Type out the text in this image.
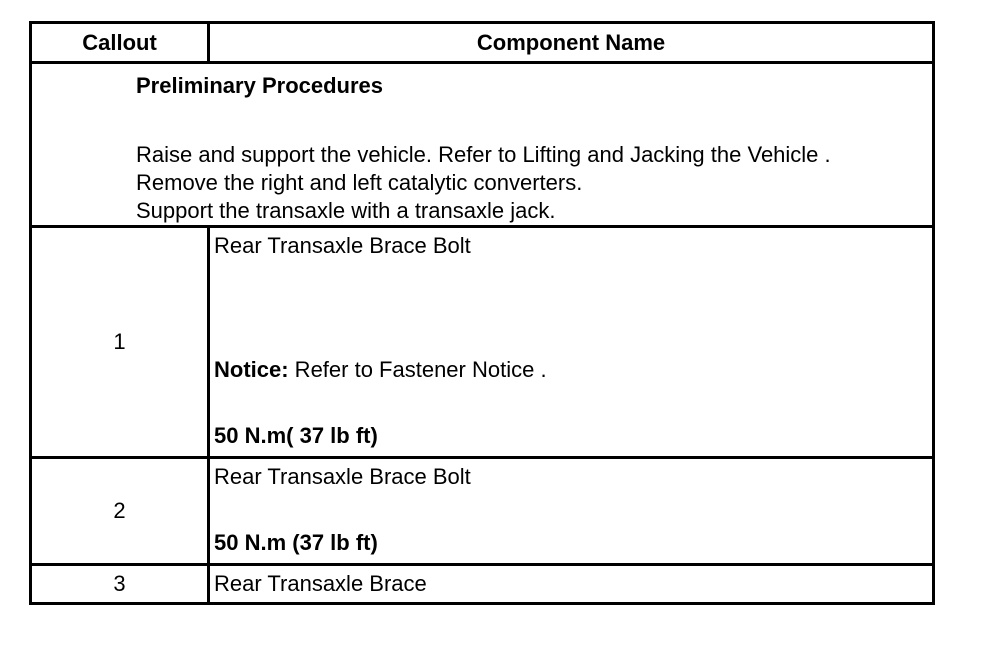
Callout	Component Name

Preliminary Procedures
Raise and support the vehicle. Refer to Lifting and Jacking the Vehicle .
Remove the right and left catalytic converters.
Support the transaxle with a transaxle jack.	

1	Rear Transaxle Brace Bolt
Notice: Refer to Fastener Notice .
50 N.m( 37 lb ft)

2	Rear Transaxle Brace Bolt
50 N.m (37 lb ft)

3	Rear Transaxle Brace
